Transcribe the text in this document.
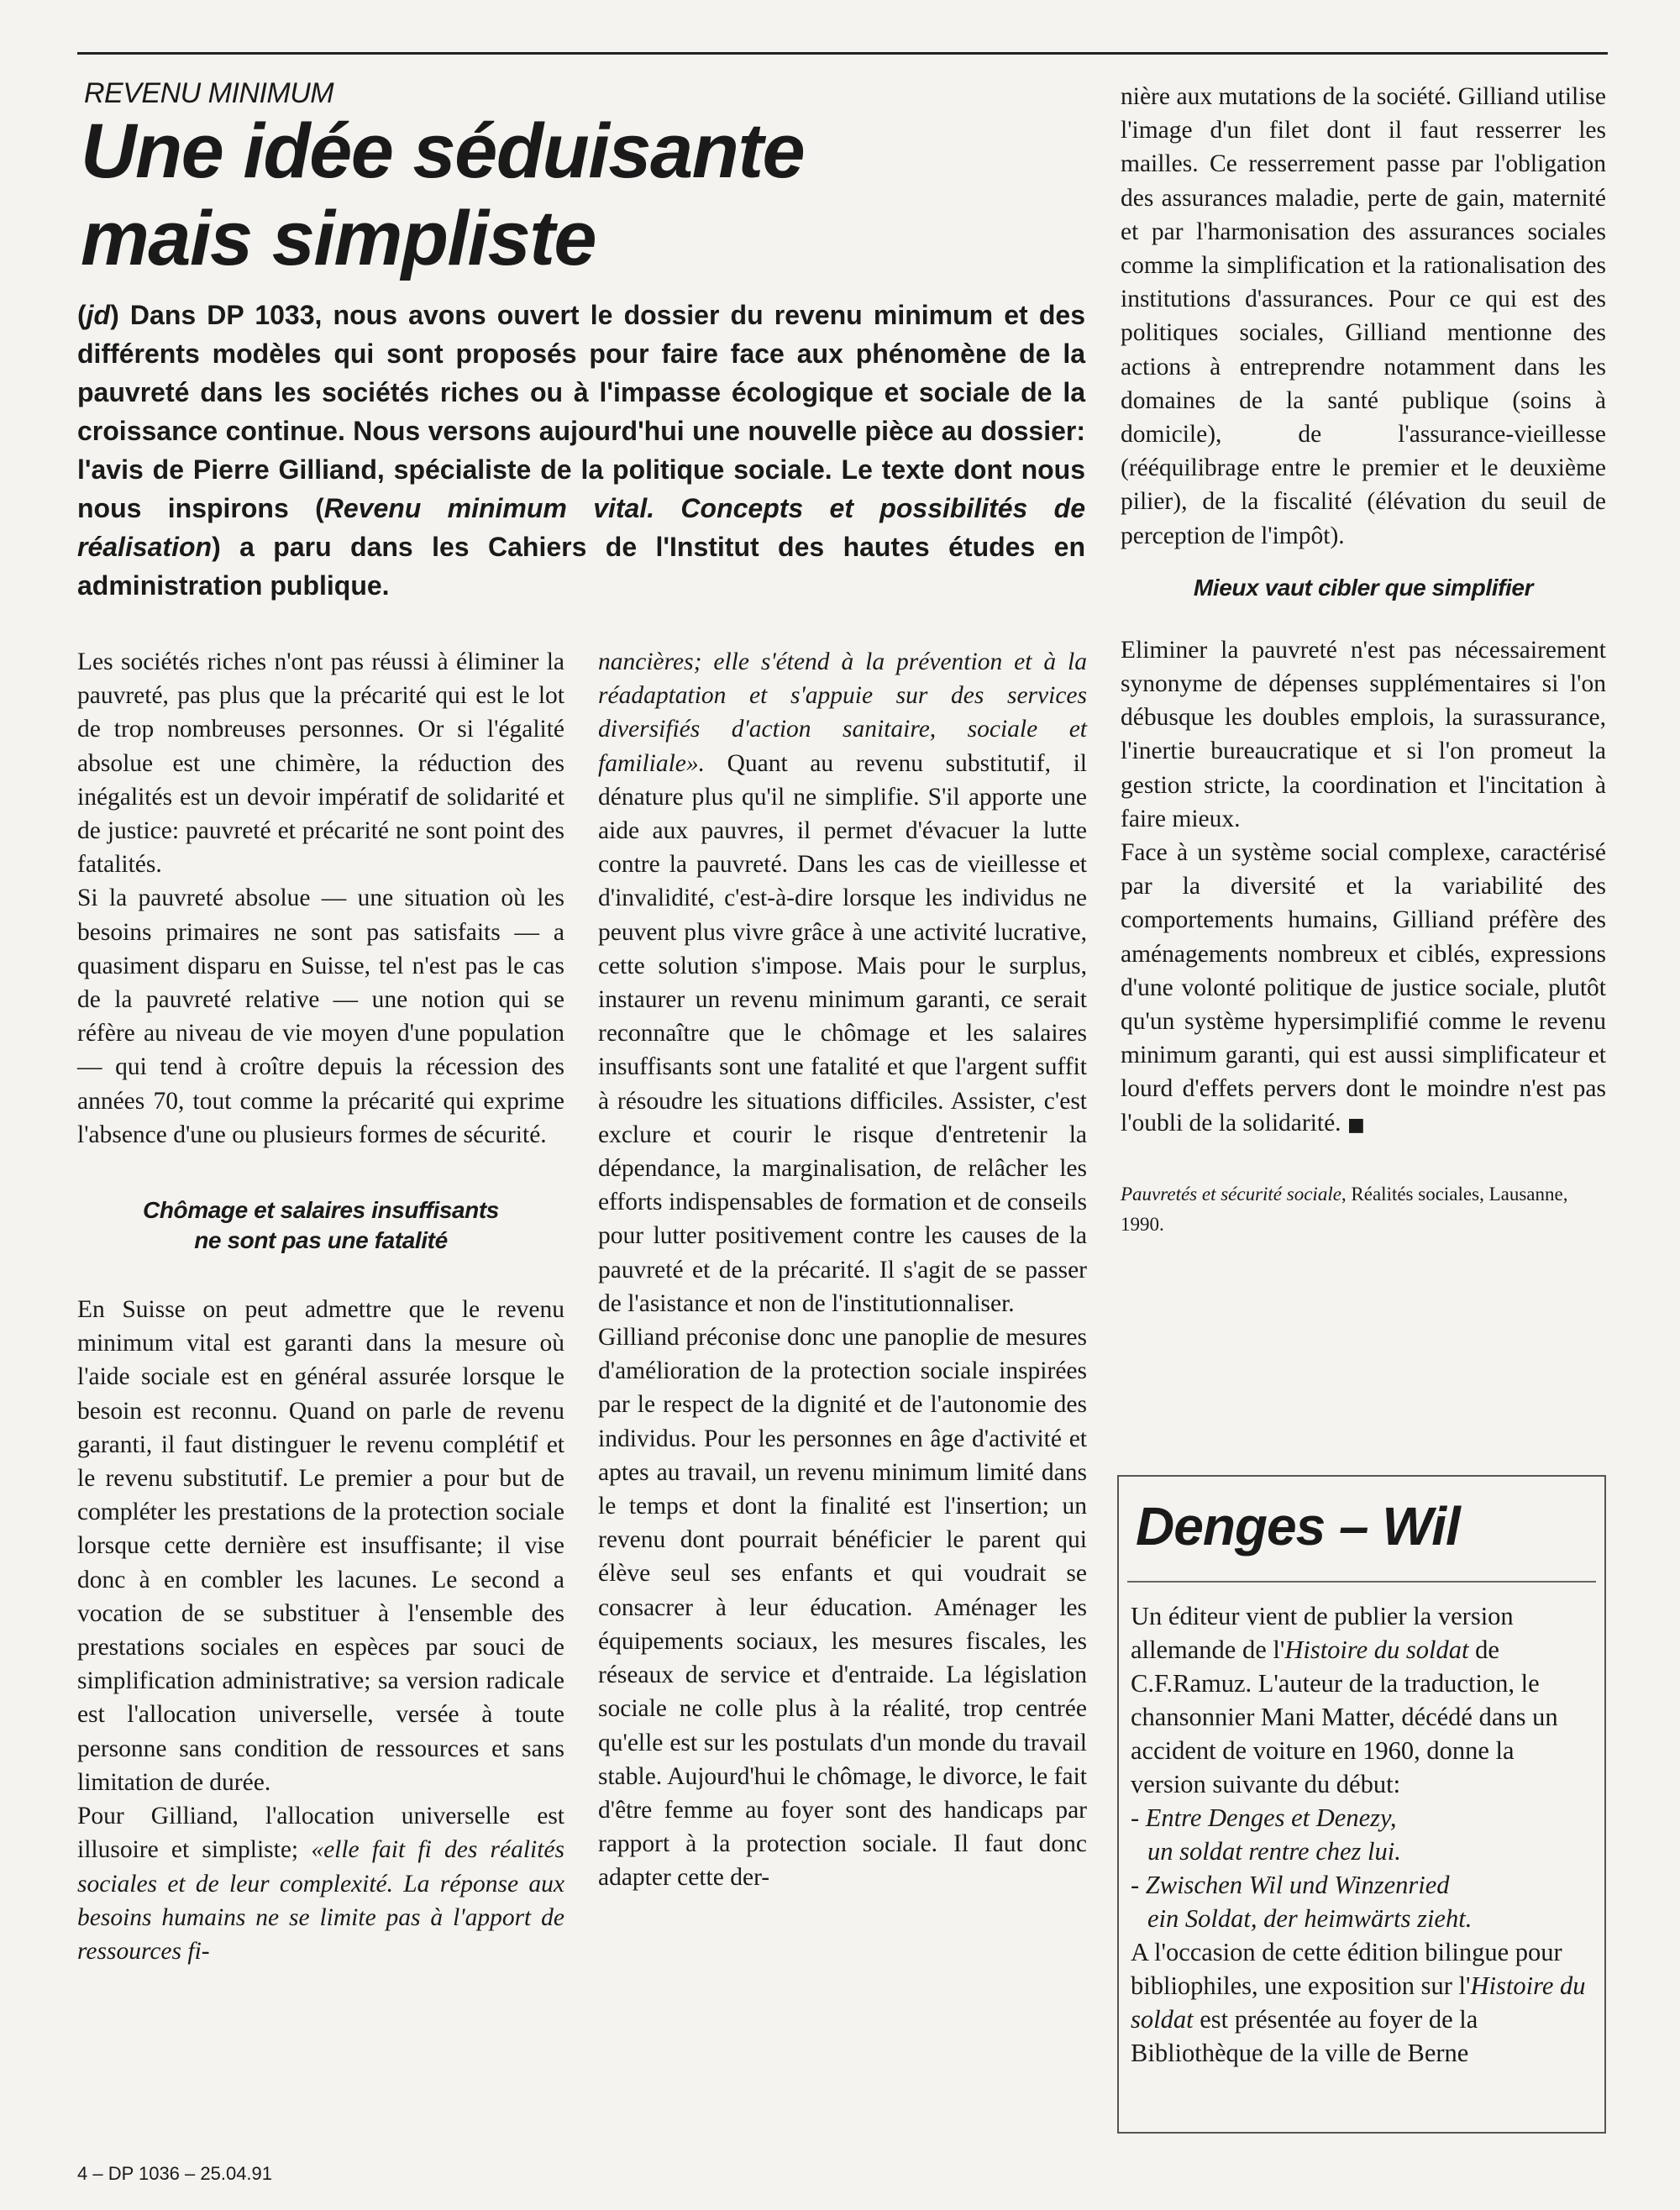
REVENU MINIMUM
Une idée séduisante
mais simpliste
(jd) Dans DP 1033, nous avons ouvert le dossier du revenu minimum et des différents modèles qui sont proposés pour faire face aux phénomène de la pauvreté dans les sociétés riches ou à l'impasse écologique et sociale de la croissance continue. Nous versons aujourd'hui une nouvelle pièce au dossier: l'avis de Pierre Gilliand, spécialiste de la politique sociale. Le texte dont nous nous inspirons (Revenu minimum vital. Concepts et possibilités de réalisation) a paru dans les Cahiers de l'Institut des hautes études en administration publique.

Les sociétés riches n'ont pas réussi à éliminer la pauvreté, pas plus que la précarité qui est le lot de trop nombreuses personnes. Or si l'égalité absolue est une chimère, la réduction des inégalités est un devoir impératif de solidarité et de justice: pauvreté et précarité ne sont point des fatalités.

Si la pauvreté absolue — une situation où les besoins primaires ne sont pas satisfaits — a quasiment disparu en Suisse, tel n'est pas le cas de la pauvreté relative — une notion qui se réfère au niveau de vie moyen d'une population — qui tend à croître depuis la récession des années 70, tout comme la précarité qui exprime l'absence d'une ou plusieurs formes de sécurité.

Chômage et salaires insuffisants
ne sont pas une fatalité

En Suisse on peut admettre que le revenu minimum vital est garanti dans la mesure où l'aide sociale est en général assurée lorsque le besoin est reconnu. Quand on parle de revenu garanti, il faut distinguer le revenu complétif et le revenu substitutif. Le premier a pour but de compléter les prestations de la protection sociale lorsque cette dernière est insuffisante; il vise donc à en combler les lacunes. Le second a vocation de se substituer à l'ensemble des prestations sociales en espèces par souci de simplification administrative; sa version radicale est l'allocation universelle, versée à toute personne sans condition de ressources et sans limitation de durée.

Pour Gilliand, l'allocation universelle est illusoire et simpliste; «elle fait fi des réalités sociales et de leur complexité. La réponse aux besoins humains ne se limite pas à l'apport de ressources fi-

nancières; elle s'étend à la prévention et à la réadaptation et s'appuie sur des services diversifiés d'action sanitaire, sociale et familiale». Quant au revenu substitutif, il dénature plus qu'il ne simplifie. S'il apporte une aide aux pauvres, il permet d'évacuer la lutte contre la pauvreté. Dans les cas de vieillesse et d'invalidité, c'est-à-dire lorsque les individus ne peuvent plus vivre grâce à une activité lucrative, cette solution s'impose. Mais pour le surplus, instaurer un revenu minimum garanti, ce serait reconnaître que le chômage et les salaires insuffisants sont une fatalité et que l'argent suffit à résoudre les situations difficiles. Assister, c'est exclure et courir le risque d'entretenir la dépendance, la marginalisation, de relâcher les efforts indispensables de formation et de conseils pour lutter positivement contre les causes de la pauvreté et de la précarité. Il s'agit de se passer de l'asistance et non de l'institutionnaliser.

Gilliand préconise donc une panoplie de mesures d'amélioration de la protection sociale inspirées par le respect de la dignité et de l'autonomie des individus. Pour les personnes en âge d'activité et aptes au travail, un revenu minimum limité dans le temps et dont la finalité est l'insertion; un revenu dont pourrait bénéficier le parent qui élève seul ses enfants et qui voudrait se consacrer à leur éducation. Aménager les équipements sociaux, les mesures fiscales, les réseaux de service et d'entraide. La législation sociale ne colle plus à la réalité, trop centrée qu'elle est sur les postulats d'un monde du travail stable. Aujourd'hui le chômage, le divorce, le fait d'être femme au foyer sont des handicaps par rapport à la protection sociale. Il faut donc adapter cette der-

nière aux mutations de la société. Gilliand utilise l'image d'un filet dont il faut resserrer les mailles. Ce resserrement passe par l'obligation des assurances maladie, perte de gain, maternité et par l'harmonisation des assurances sociales comme la simplification et la rationalisation des institutions d'assurances. Pour ce qui est des politiques sociales, Gilliand mentionne des actions à entreprendre notamment dans les domaines de la santé publique (soins à domicile), de l'assurance-vieillesse (rééquilibrage entre le premier et le deuxième pilier), de la fiscalité (élévation du seuil de perception de l'impôt).

Mieux vaut cibler que simplifier

Eliminer la pauvreté n'est pas nécessairement synonyme de dépenses supplémentaires si l'on débusque les doubles emplois, la surassurance, l'inertie bureaucratique et si l'on promeut la gestion stricte, la coordination et l'incitation à faire mieux.

Face à un système social complexe, caractérisé par la diversité et la variabilité des comportements humains, Gilliand préfère des aménagements nombreux et ciblés, expressions d'une volonté politique de justice sociale, plutôt qu'un système hypersimplifié comme le revenu minimum garanti, qui est aussi simplificateur et lourd d'effets pervers dont le moindre n'est pas l'oubli de la solidarité. ■

Pauvretés et sécurité sociale, Réalités sociales, Lausanne, 1990.
Denges – Wil

Un éditeur vient de publier la version allemande de l'Histoire du soldat de C.F.Ramuz. L'auteur de la traduction, le chansonnier Mani Matter, décédé dans un accident de voiture en 1960, donne la version suivante du début:

- Entre Denges et Denezy,
un soldat rentre chez lui.
- Zwischen Wil und Winzenried
ein Soldat, der heimwärts zieht.

A l'occasion de cette édition bilingue pour bibliophiles, une exposition sur l'Histoire du soldat est présentée au foyer de la Bibliothèque de la ville de Berne

4 – DP 1036 – 25.04.91
